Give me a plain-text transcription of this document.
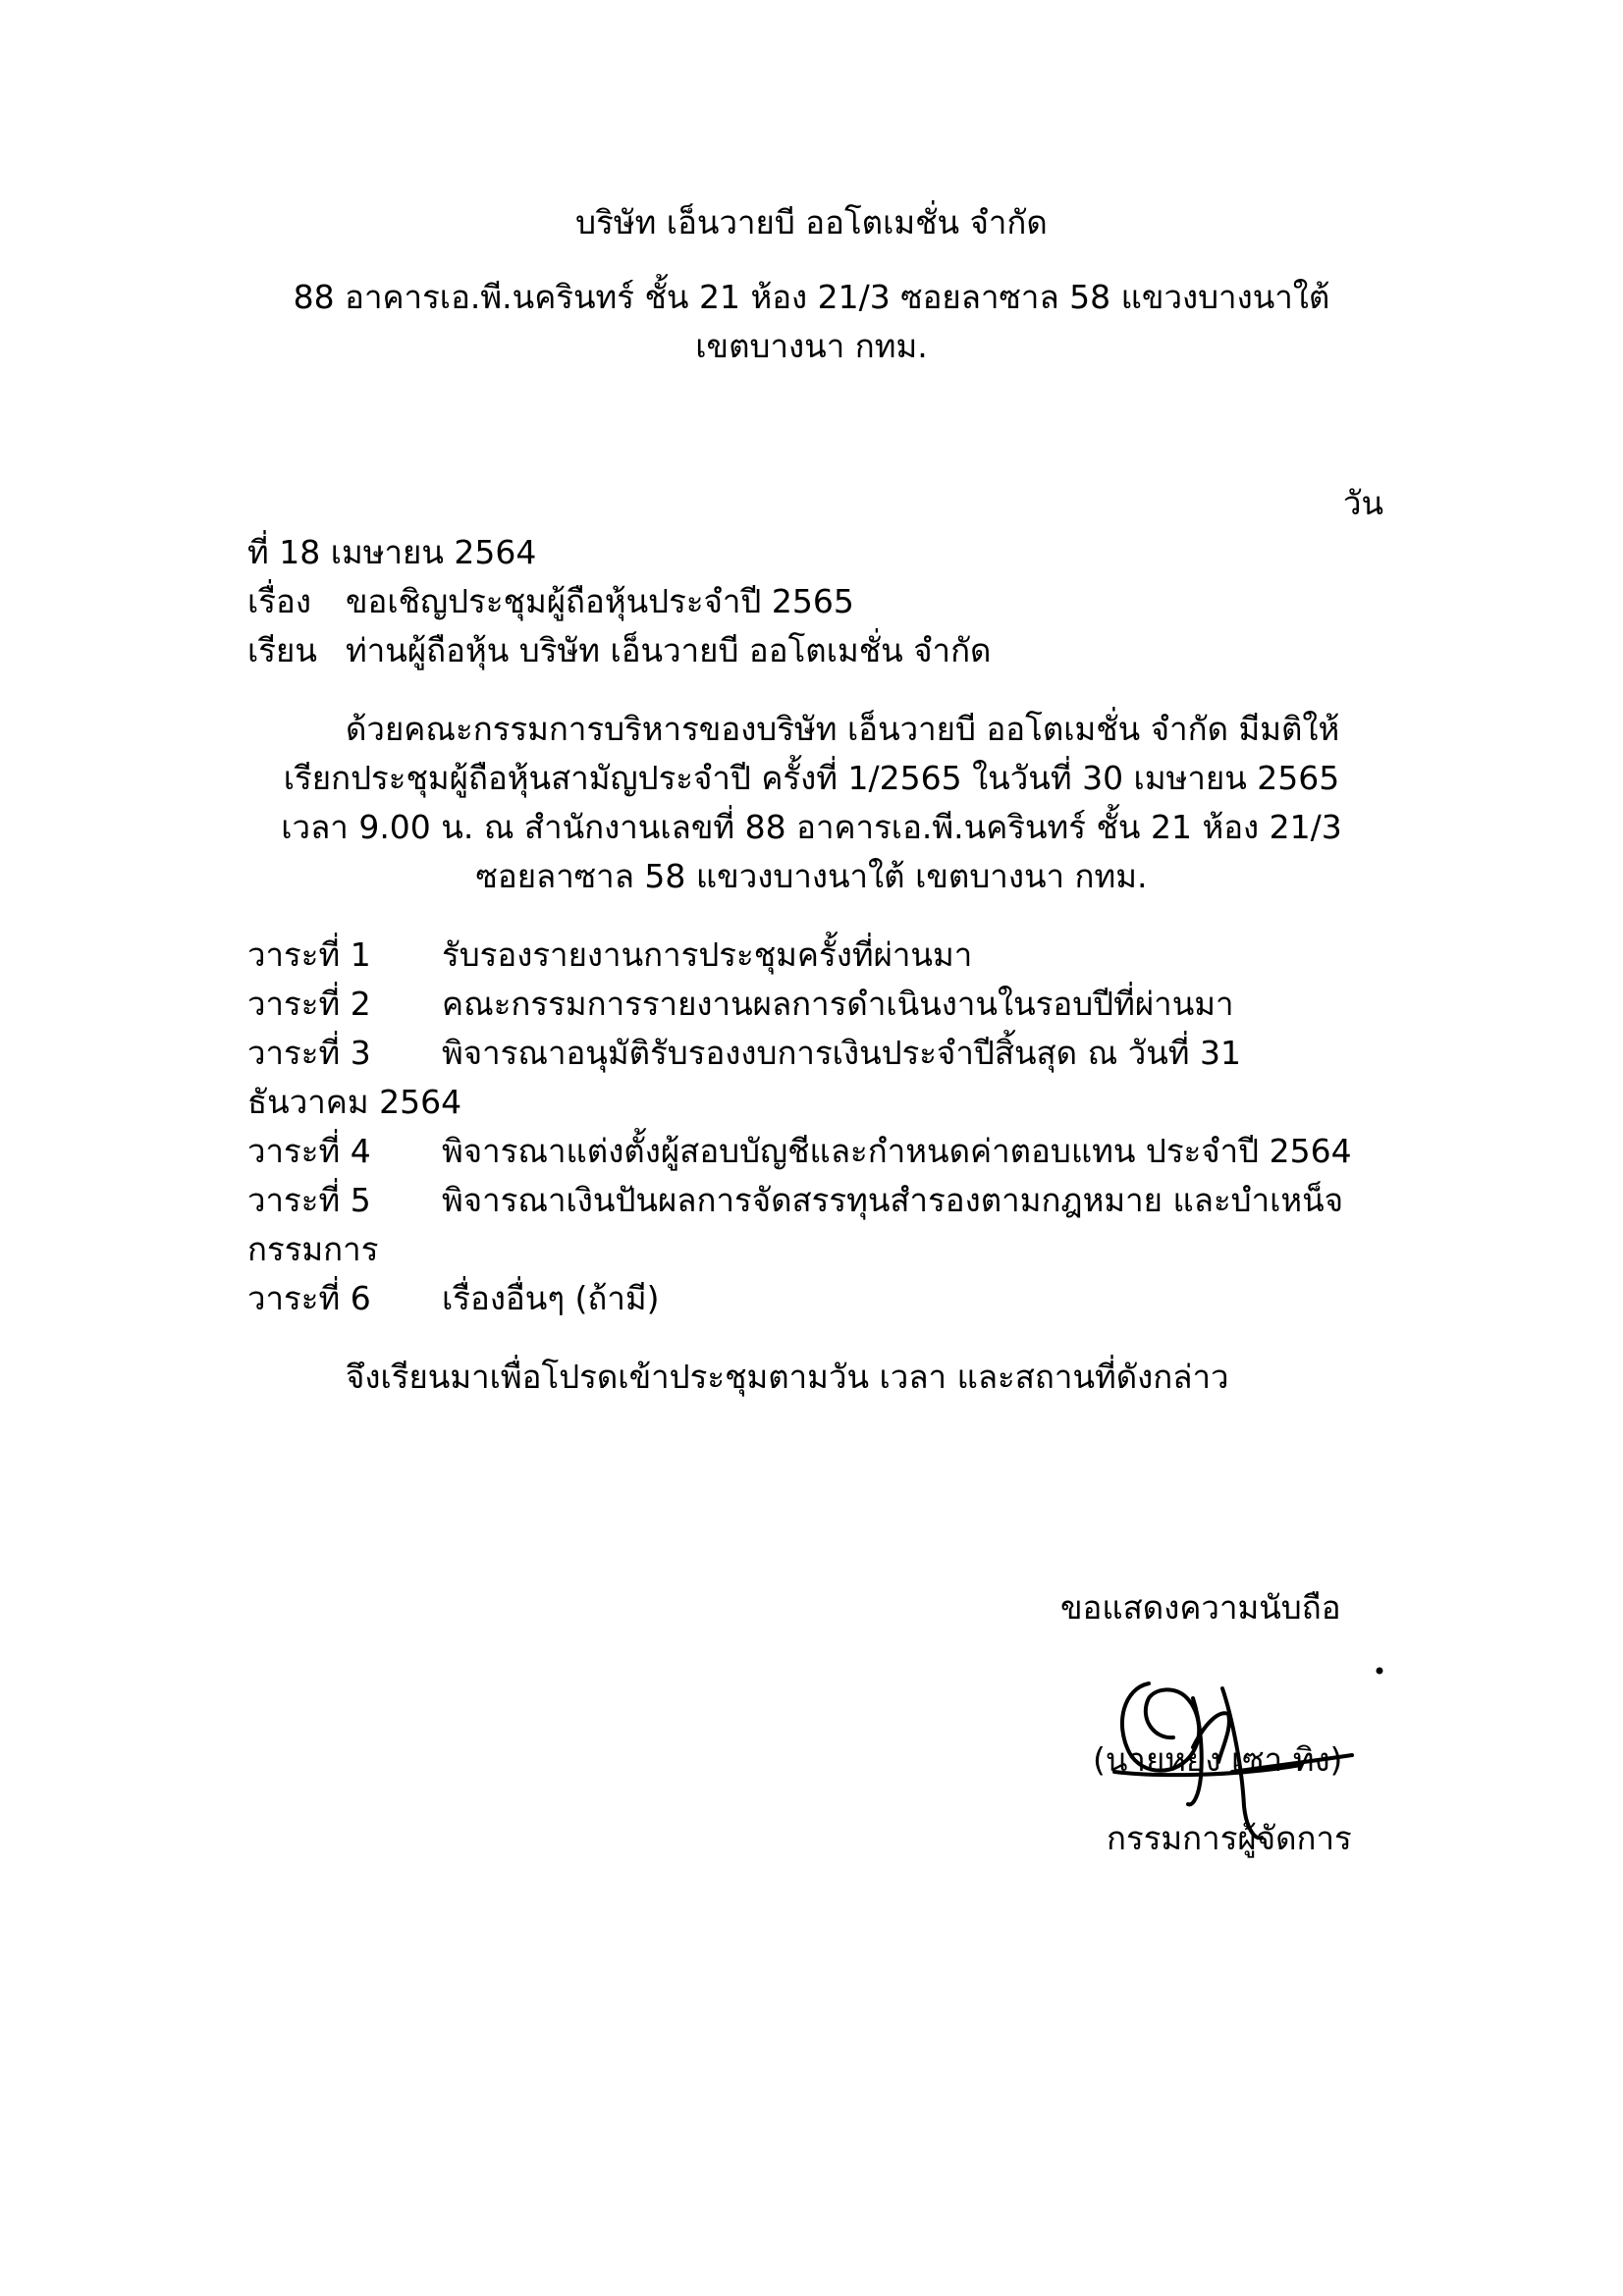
บริษัท เอ็นวายบี ออโตเมชั่น จำกัด
88 อาคารเอ.พี.นครินทร์ ชั้น 21 ห้อง 21/3 ซอยลาซาล 58 แขวงบางนาใต้
เขตบางนา กทม.
วัน
ที่ 18 เมษายน 2564
เรื่อง ขอเชิญประชุมผู้ถือหุ้นประจำปี 2565
เรียน ท่านผู้ถือหุ้น บริษัท เอ็นวายบี ออโตเมชั่น จำกัด
ด้วยคณะกรรมการบริหารของบริษัท เอ็นวายบี ออโตเมชั่น จำกัด มีมติให้
เรียกประชุมผู้ถือหุ้นสามัญประจำปี ครั้งที่ 1/2565 ในวันที่ 30 เมษายน 2565
เวลา 9.00 น. ณ สำนักงานเลขที่ 88 อาคารเอ.พี.นครินทร์ ชั้น 21 ห้อง 21/3
ซอยลาซาล 58 แขวงบางนาใต้ เขตบางนา กทม.
วาระที่ 1 รับรองรายงานการประชุมครั้งที่ผ่านมา
วาระที่ 2 คณะกรรมการรายงานผลการดำเนินงานในรอบปีที่ผ่านมา
วาระที่ 3 พิจารณาอนุมัติรับรองงบการเงินประจำปีสิ้นสุด ณ วันที่ 31
ธันวาคม 2564
วาระที่ 4 พิจารณาแต่งตั้งผู้สอบบัญชีและกำหนดค่าตอบแทน ประจำปี 2564
วาระที่ 5 พิจารณาเงินปันผลการจัดสรรทุนสำรองตามกฎหมาย และบำเหน็จ
กรรมการ
วาระที่ 6 เรื่องอื่นๆ (ถ้ามี)
จึงเรียนมาเพื่อโปรดเข้าประชุมตามวัน เวลา และสถานที่ดังกล่าว
ขอแสดงความนับถือ
(นายหยง เซา ทิง)
กรรมการผู้จัดการ
